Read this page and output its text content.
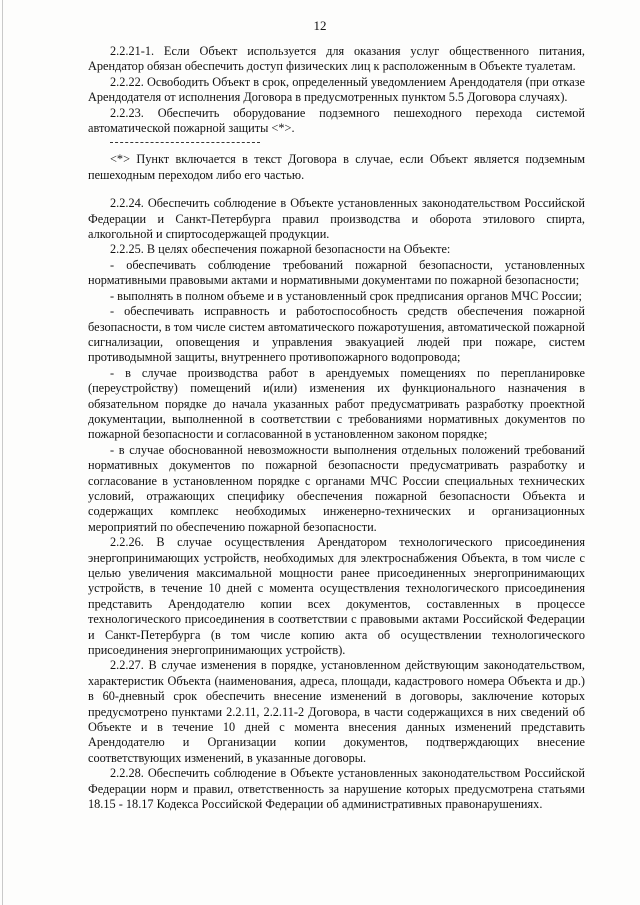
12

2.2.21-1. Если Объект используется для оказания услуг общественного питания, Арендатор обязан обеспечить доступ физических лиц к расположенным в Объекте туалетам.

2.2.22. Освободить Объект в срок, определенный уведомлением Арендодателя (при отказе Арендодателя от исполнения Договора в предусмотренных пунктом 5.5 Договора случаях).

2.2.23. Обеспечить оборудование подземного пешеходного перехода системой автоматической пожарной защиты <*>.

<*> Пункт включается в текст Договора в случае, если Объект является подземным пешеходным переходом либо его частью.

2.2.24. Обеспечить соблюдение в Объекте установленных законодательством Российской Федерации и Санкт-Петербурга правил производства и оборота этилового спирта, алкогольной и спиртосодержащей продукции.

2.2.25. В целях обеспечения пожарной безопасности на Объекте:

- обеспечивать соблюдение требований пожарной безопасности, установленных нормативными правовыми актами и нормативными документами по пожарной безопасности;

- выполнять в полном объеме и в установленный срок предписания органов МЧС России;

- обеспечивать исправность и работоспособность средств обеспечения пожарной безопасности, в том числе систем автоматического пожаротушения, автоматической пожарной сигнализации, оповещения и управления эвакуацией людей при пожаре, систем противодымной защиты, внутреннего противопожарного водопровода;

- в случае производства работ в арендуемых помещениях по перепланировке (переустройству) помещений и(или) изменения их функционального назначения в обязательном порядке до начала указанных работ предусматривать разработку проектной документации, выполненной в соответствии с требованиями нормативных документов по пожарной безопасности и согласованной в установленном законом порядке;

- в случае обоснованной невозможности выполнения отдельных положений требований нормативных документов по пожарной безопасности предусматривать разработку и согласование в установленном порядке с органами МЧС России специальных технических условий, отражающих специфику обеспечения пожарной безопасности Объекта и содержащих комплекс необходимых инженерно-технических и организационных мероприятий по обеспечению пожарной безопасности.

2.2.26. В случае осуществления Арендатором технологического присоединения энергопринимающих устройств, необходимых для электроснабжения Объекта, в том числе с целью увеличения максимальной мощности ранее присоединенных энергопринимающих устройств, в течение 10 дней с момента осуществления технологического присоединения представить Арендодателю копии всех документов, составленных в процессе технологического присоединения в соответствии с правовыми актами Российской Федерации и Санкт-Петербурга (в том числе копию акта об осуществлении технологического присоединения энергопринимающих устройств).

2.2.27. В случае изменения в порядке, установленном действующим законодательством, характеристик Объекта (наименования, адреса, площади, кадастрового номера Объекта и др.) в 60-дневный срок обеспечить внесение изменений в договоры, заключение которых предусмотрено пунктами 2.2.11, 2.2.11-2 Договора, в части содержащихся в них сведений об Объекте и в течение 10 дней с момента внесения данных изменений представить Арендодателю и Организации копии документов, подтверждающих внесение соответствующих изменений, в указанные договоры.

2.2.28. Обеспечить соблюдение в Объекте установленных законодательством Российской Федерации норм и правил, ответственность за нарушение которых предусмотрена статьями 18.15 - 18.17 Кодекса Российской Федерации об административных правонарушениях.
